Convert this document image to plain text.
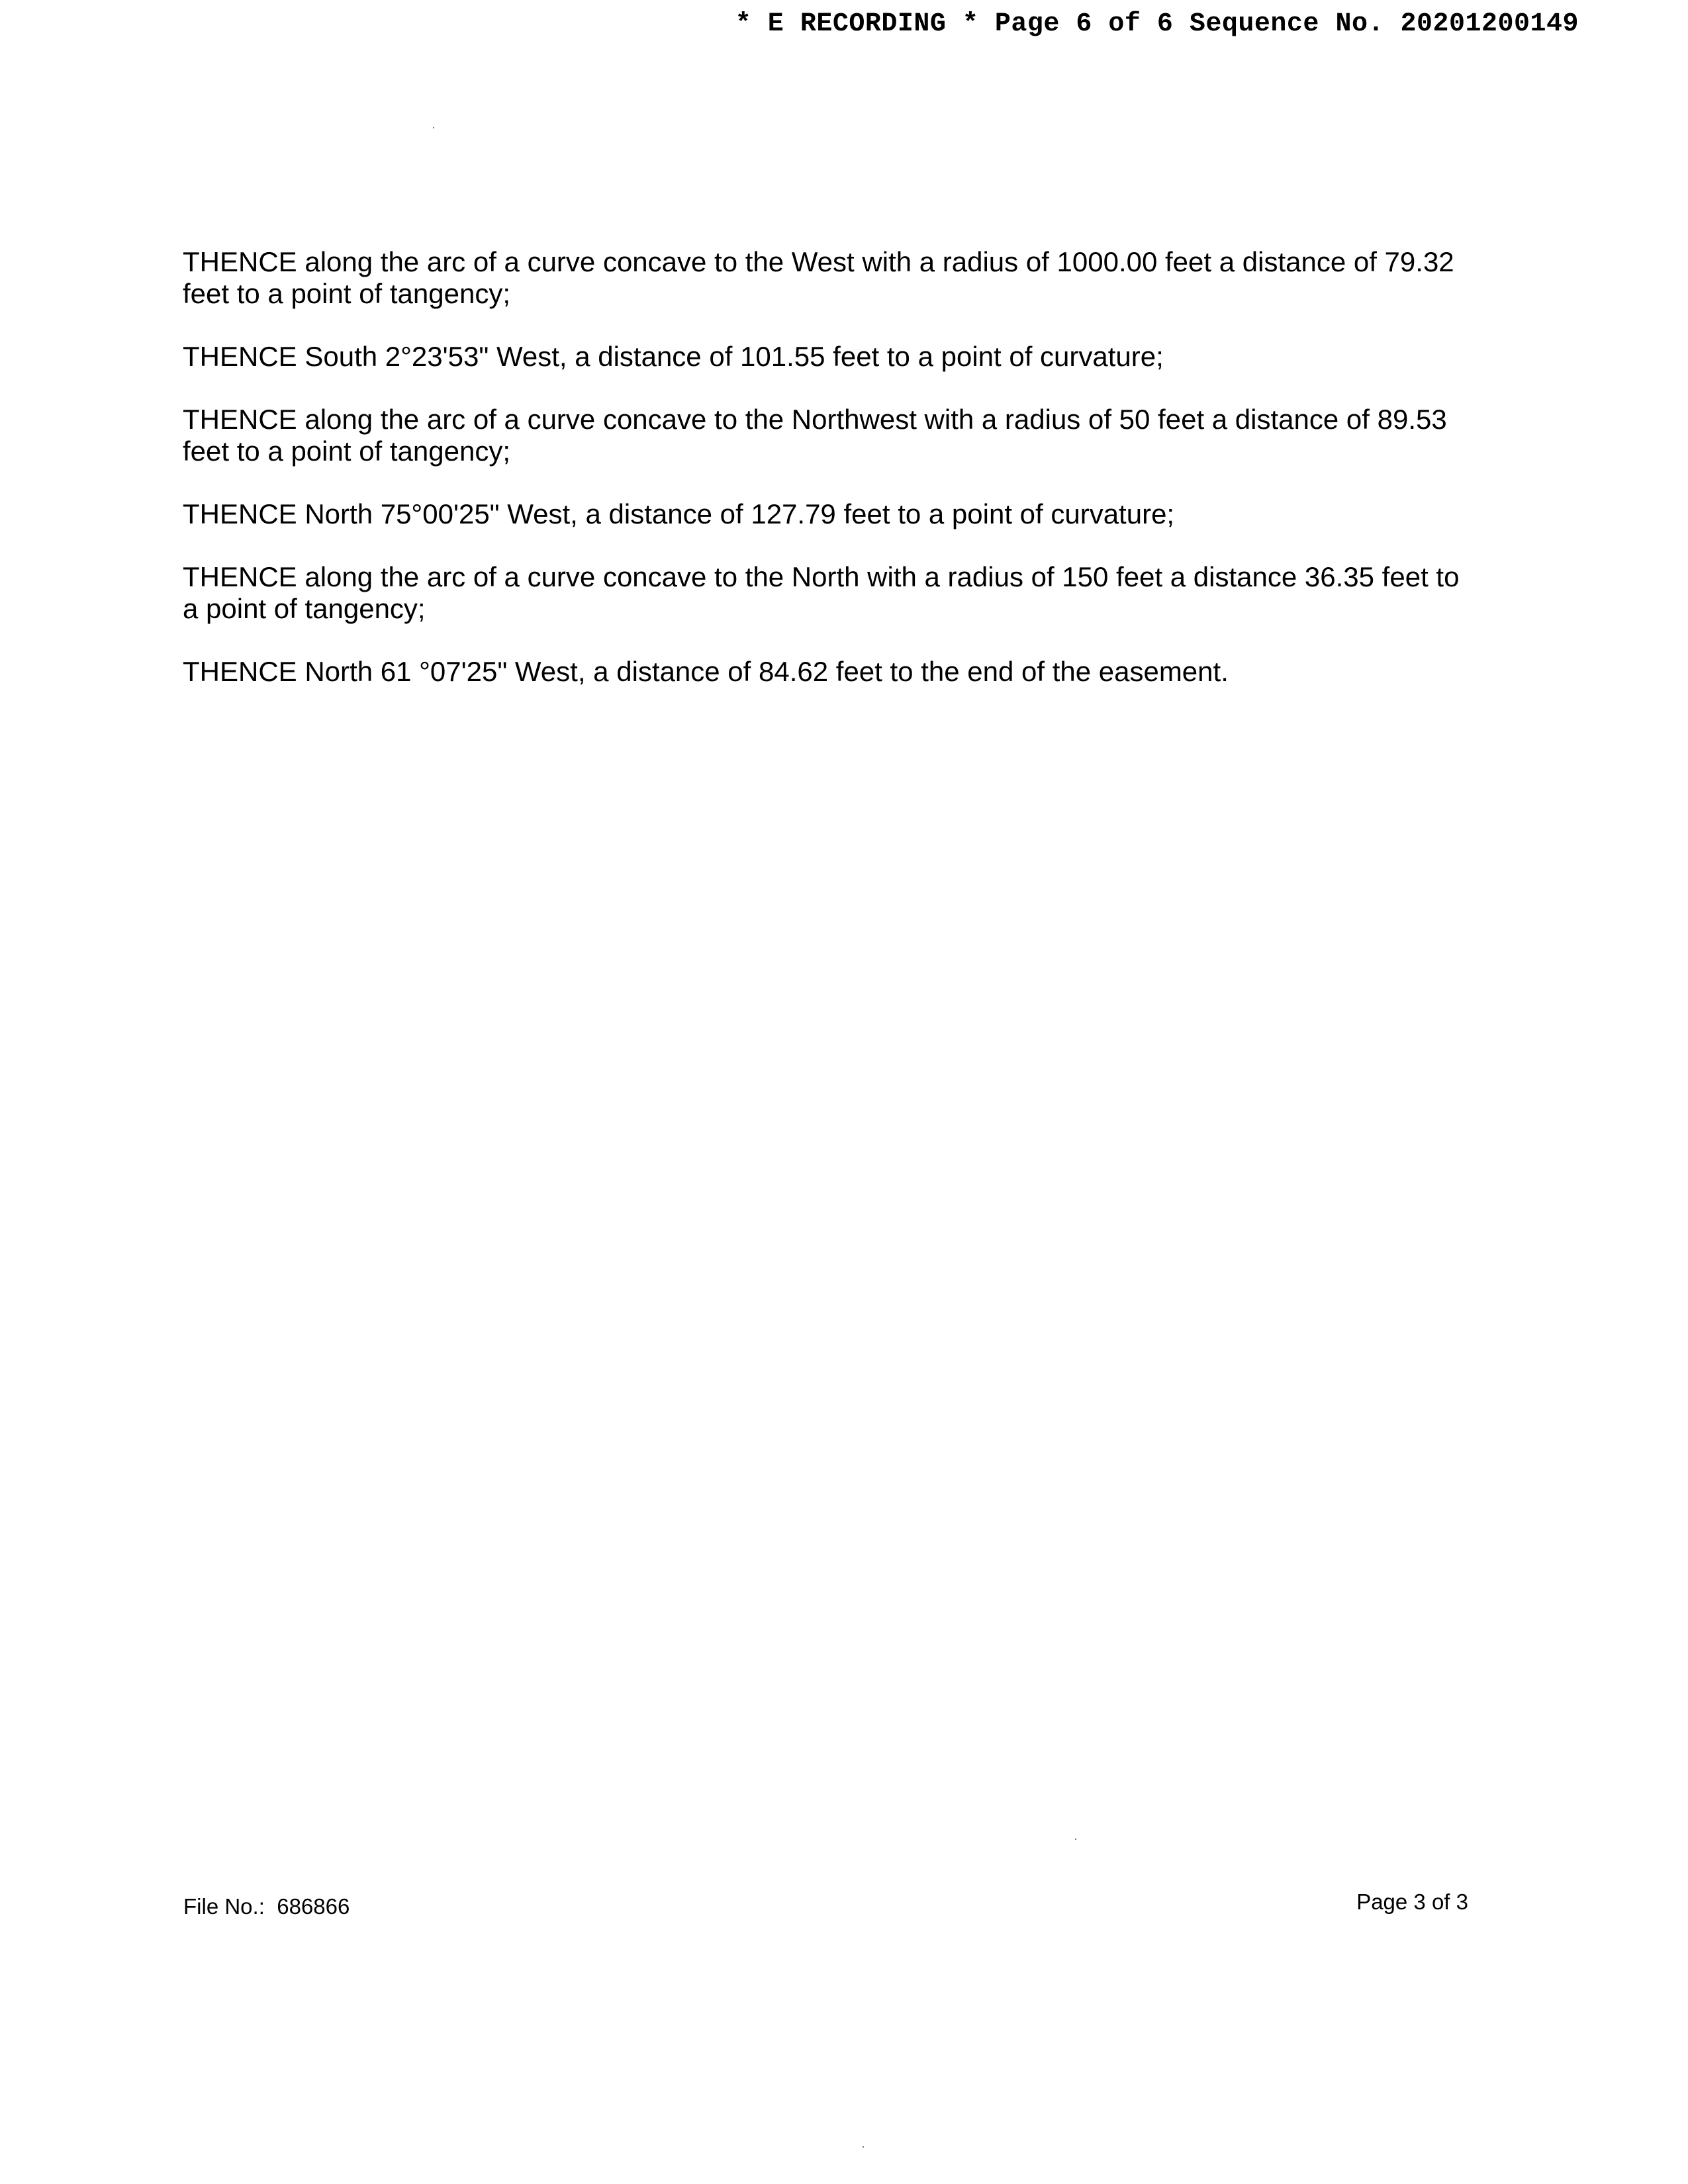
* E RECORDING * Page 6 of 6 Sequence No. 20201200149

THENCE along the arc of a curve concave to the West with a radius of 1000.00 feet a distance of 79.32 feet to a point of tangency;

THENCE South 2°23'53" West, a distance of 101.55 feet to a point of curvature;

THENCE along the arc of a curve concave to the Northwest with a radius of 50 feet a distance of 89.53 feet to a point of tangency;

THENCE North 75°00'25" West, a distance of 127.79 feet to a point of curvature;

THENCE along the arc of a curve concave to the North with a radius of 150 feet a distance 36.35 feet to a point of tangency;

THENCE North 61 °07'25" West, a distance of 84.62 feet to the end of the easement.

File No.: 686866	Page 3 of 3
